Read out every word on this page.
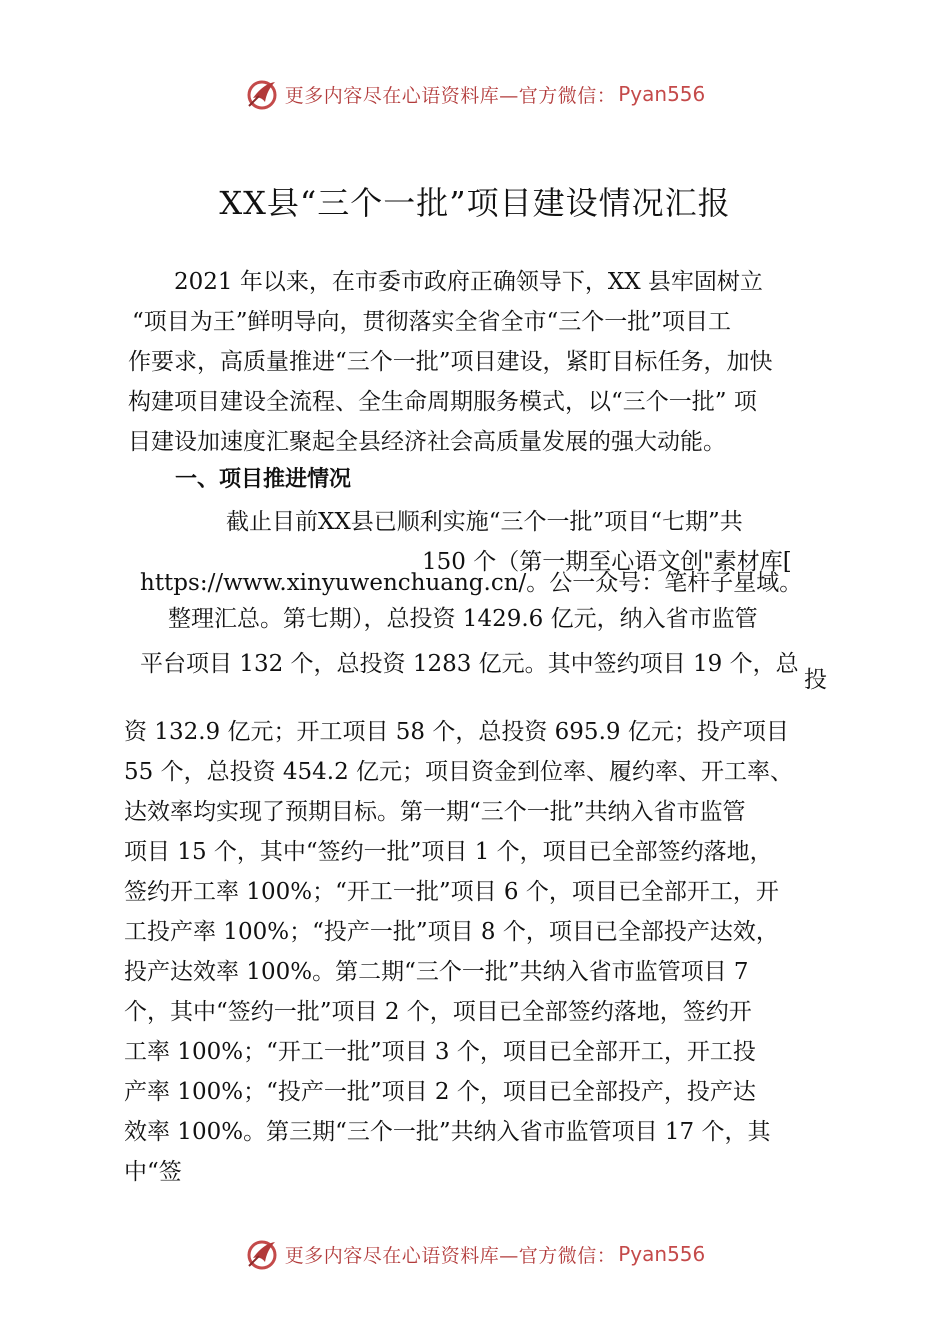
更多内容尽在心语资料库—官方微信： Pyan556
XX县“三个一批”项目建设情况汇报
2021 年以来，在市委市政府正确领导下，XX 县牢固树立
“项目为王”鲜明导向，贯彻落实全省全市“三个一批”项目工
作要求，高质量推进“三个一批”项目建设，紧盯目标任务，加快
构建项目建设全流程、全生命周期服务模式，以“三个一批” 项
目建设加速度汇聚起全县经济社会高质量发展的强大动能。
一、项目推进情况
截止目前XX县已顺利实施“三个一批”项目“七期”共
150 个（第一期至心语文创"素材库[
https://www.xinyuwenchuang.cn/。公一众号：笔杆子星域。
整理汇总。第七期），总投资 1429.6 亿元，纳入省市监管
平台项目 132 个，总投资 1283 亿元。其中签约项目 19 个，总
投
资 132.9 亿元；开工项目 58 个，总投资 695.9 亿元；投产项目
55 个，总投资 454.2 亿元；项目资金到位率、履约率、开工率、
达效率均实现了预期目标。第一期“三个一批”共纳入省市监管
项目 15 个，其中“签约一批”项目 1 个，项目已全部签约落地，
签约开工率 100%；“开工一批”项目 6 个，项目已全部开工，开
工投产率 100%；“投产一批”项目 8 个，项目已全部投产达效，
投产达效率 100%。第二期“三个一批”共纳入省市监管项目 7
个，其中“签约一批”项目 2 个，项目已全部签约落地，签约开
工率 100%；“开工一批”项目 3 个，项目已全部开工，开工投
产率 100%；“投产一批”项目 2 个，项目已全部投产，投产达
效率 100%。第三期“三个一批”共纳入省市监管项目 17 个，其
中“签
更多内容尽在心语资料库—官方微信： Pyan556
